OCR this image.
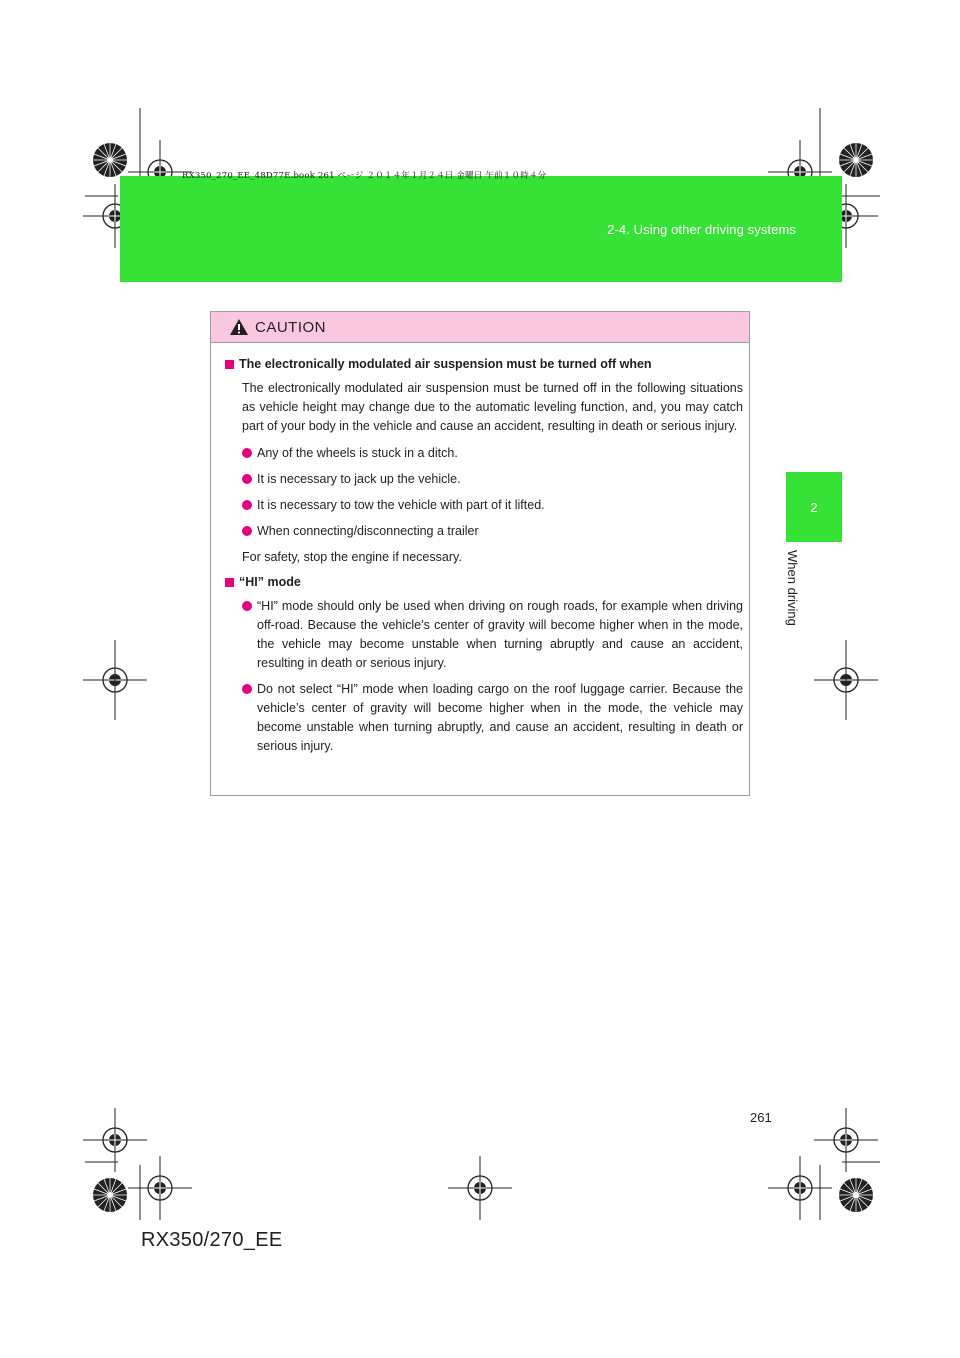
2-4. Using other driving systems
RX350_270_EE_48D77E.book 261 ページ ２０１４年１月２４日 金曜日 午前１０時４分
2
When driving
CAUTION
The electronically modulated air suspension must be turned off when
The electronically modulated air suspension must be turned off in the following situations as vehicle height may change due to the automatic leveling function, and, you may catch part of your body in the vehicle and cause an accident, resulting in death or serious injury.
Any of the wheels is stuck in a ditch.
It is necessary to jack up the vehicle.
It is necessary to tow the vehicle with part of it lifted.
When connecting/disconnecting a trailer
For safety, stop the engine if necessary.
“HI” mode
“HI” mode should only be used when driving on rough roads, for example when driving off-road. Because the vehicle’s center of gravity will become higher when in the mode, the vehicle may become unstable when turning abruptly and cause an accident, resulting in death or serious injury.
Do not select “HI” mode when loading cargo on the roof luggage carrier. Because the vehicle’s center of gravity will become higher when in the mode, the vehicle may become unstable when turning abruptly, and cause an accident, resulting in death or serious injury.
261
RX350/270_EE
